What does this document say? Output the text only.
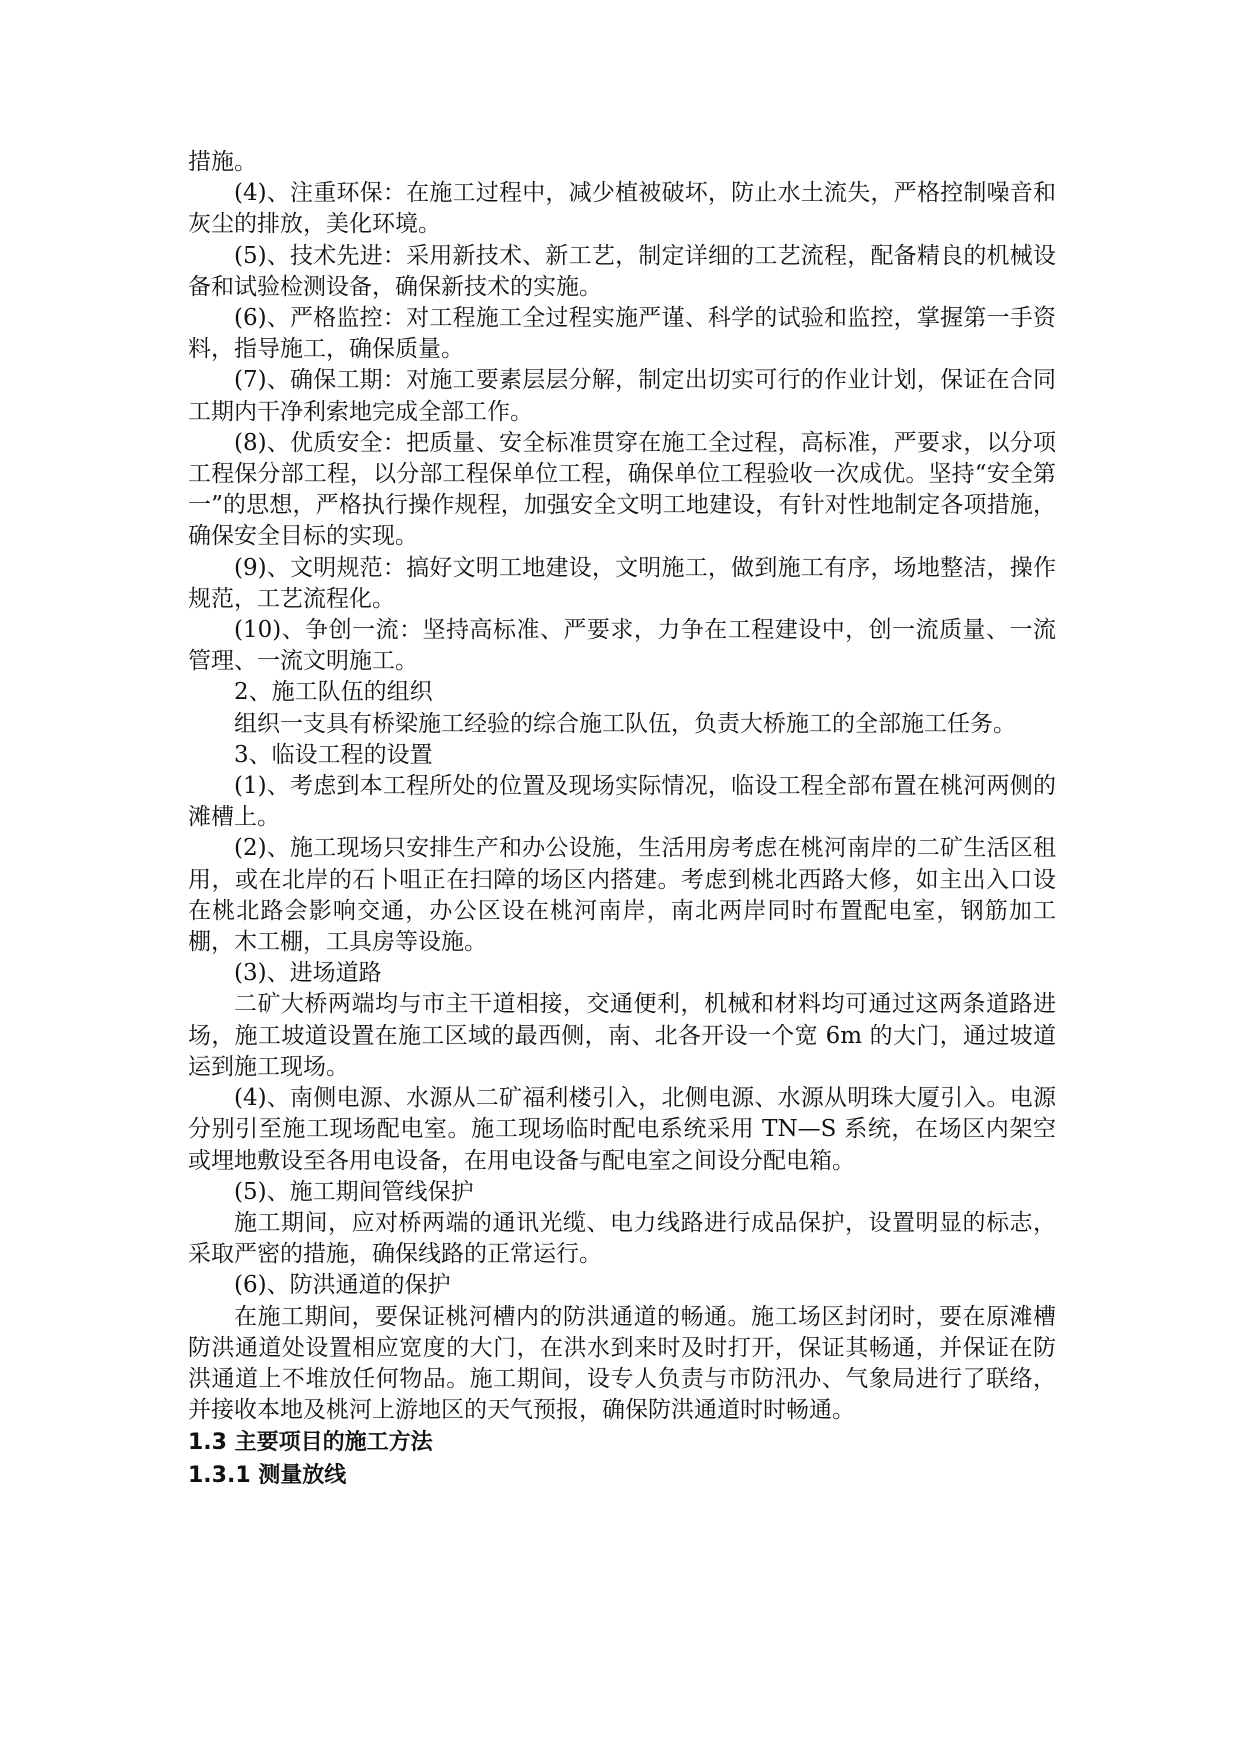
措施。

(4)、注重环保：在施工过程中，减少植被破坏，防止水土流失，严格控制噪音和灰尘的排放，美化环境。

(5)、技术先进：采用新技术、新工艺，制定详细的工艺流程，配备精良的机械设备和试验检测设备，确保新技术的实施。

(6)、严格监控：对工程施工全过程实施严谨、科学的试验和监控，掌握第一手资料，指导施工，确保质量。

(7)、确保工期：对施工要素层层分解，制定出切实可行的作业计划，保证在合同工期内干净利索地完成全部工作。

(8)、优质安全：把质量、安全标准贯穿在施工全过程，高标准，严要求，以分项工程保分部工程，以分部工程保单位工程，确保单位工程验收一次成优。坚持“安全第一”的思想，严格执行操作规程，加强安全文明工地建设，有针对性地制定各项措施，确保安全目标的实现。

(9)、文明规范：搞好文明工地建设，文明施工，做到施工有序，场地整洁，操作规范，工艺流程化。

(10)、争创一流：坚持高标准、严要求，力争在工程建设中，创一流质量、一流管理、一流文明施工。

2、施工队伍的组织

组织一支具有桥梁施工经验的综合施工队伍，负责大桥施工的全部施工任务。

3、临设工程的设置

(1)、考虑到本工程所处的位置及现场实际情况，临设工程全部布置在桃河两侧的滩槽上。

(2)、施工现场只安排生产和办公设施，生活用房考虑在桃河南岸的二矿生活区租用，或在北岸的石卜咀正在扫障的场区内搭建。考虑到桃北西路大修，如主出入口设在桃北路会影响交通，办公区设在桃河南岸，南北两岸同时布置配电室，钢筋加工棚，木工棚，工具房等设施。

(3)、进场道路

二矿大桥两端均与市主干道相接，交通便利，机械和材料均可通过这两条道路进场，施工坡道设置在施工区域的最西侧，南、北各开设一个宽 6m 的大门，通过坡道运到施工现场。

(4)、南侧电源、水源从二矿福利楼引入，北侧电源、水源从明珠大厦引入。电源分别引至施工现场配电室。施工现场临时配电系统采用 TN—S 系统，在场区内架空或埋地敷设至各用电设备，在用电设备与配电室之间设分配电箱。

(5)、施工期间管线保护

施工期间，应对桥两端的通讯光缆、电力线路进行成品保护，设置明显的标志，采取严密的措施，确保线路的正常运行。

(6)、防洪通道的保护

在施工期间，要保证桃河槽内的防洪通道的畅通。施工场区封闭时，要在原滩槽防洪通道处设置相应宽度的大门，在洪水到来时及时打开，保证其畅通，并保证在防洪通道上不堆放任何物品。施工期间，设专人负责与市防汛办、气象局进行了联络，并接收本地及桃河上游地区的天气预报，确保防洪通道时时畅通。

1.3 主要项目的施工方法

1.3.1 测量放线
